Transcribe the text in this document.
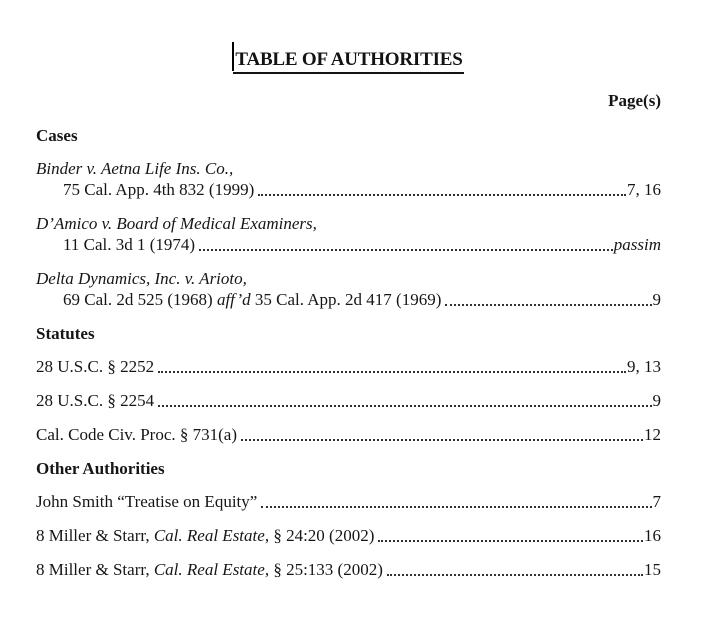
TABLE OF AUTHORITIES
Page(s)
Cases
Binder v. Aetna Life Ins. Co.,
75 Cal. App. 4th 832 (1999)	7, 16
D’Amico v. Board of Medical Examiners,
11 Cal. 3d 1 (1974)	passim
Delta Dynamics, Inc. v. Arioto,
69 Cal. 2d 525 (1968) aff’d 35 Cal. App. 2d 417 (1969)	9
Statutes
28 U.S.C. § 2252	9, 13
28 U.S.C. § 2254	9
Cal. Code Civ. Proc. § 731(a)	12
Other Authorities
John Smith “Treatise on Equity”	7
8 Miller & Starr, Cal. Real Estate, § 24:20 (2002)	16
8 Miller & Starr, Cal. Real Estate, § 25:133 (2002)	15
